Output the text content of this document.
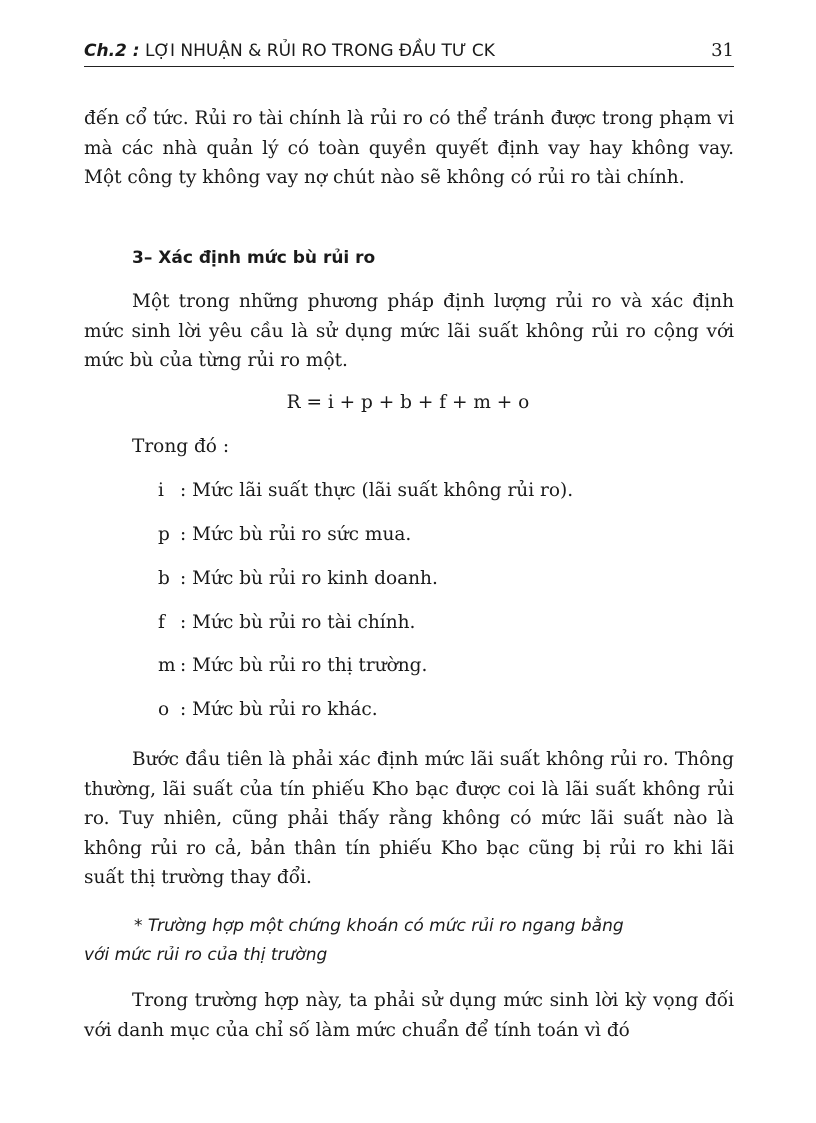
Ch.2 : LỢI NHUẬN & RỦI RO TRONG ĐẦU TƯ CK	31

đến cổ tức. Rủi ro tài chính là rủi ro có thể tránh được trong phạm vi mà các nhà quản lý có toàn quyền quyết định vay hay không vay. Một công ty không vay nợ chút nào sẽ không có rủi ro tài chính.

3– Xác định mức bù rủi ro

Một trong những phương pháp định lượng rủi ro và xác định mức sinh lời yêu cầu là sử dụng mức lãi suất không rủi ro cộng với mức bù của từng rủi ro một.

R = i + p + b + f + m + o
Trong đó :
i : Mức lãi suất thực (lãi suất không rủi ro).
p : Mức bù rủi ro sức mua.
b : Mức bù rủi ro kinh doanh.
f : Mức bù rủi ro tài chính.
m : Mức bù rủi ro thị trường.
o : Mức bù rủi ro khác.

Bước đầu tiên là phải xác định mức lãi suất không rủi ro. Thông thường, lãi suất của tín phiếu Kho bạc được coi là lãi suất không rủi ro. Tuy nhiên, cũng phải thấy rằng không có mức lãi suất nào là không rủi ro cả, bản thân tín phiếu Kho bạc cũng bị rủi ro khi lãi suất thị trường thay đổi.

* Trường hợp một chứng khoán có mức rủi ro ngang bằng
với mức rủi ro của thị trường

Trong trường hợp này, ta phải sử dụng mức sinh lời kỳ vọng đối với danh mục của chỉ số làm mức chuẩn để tính toán vì đó
